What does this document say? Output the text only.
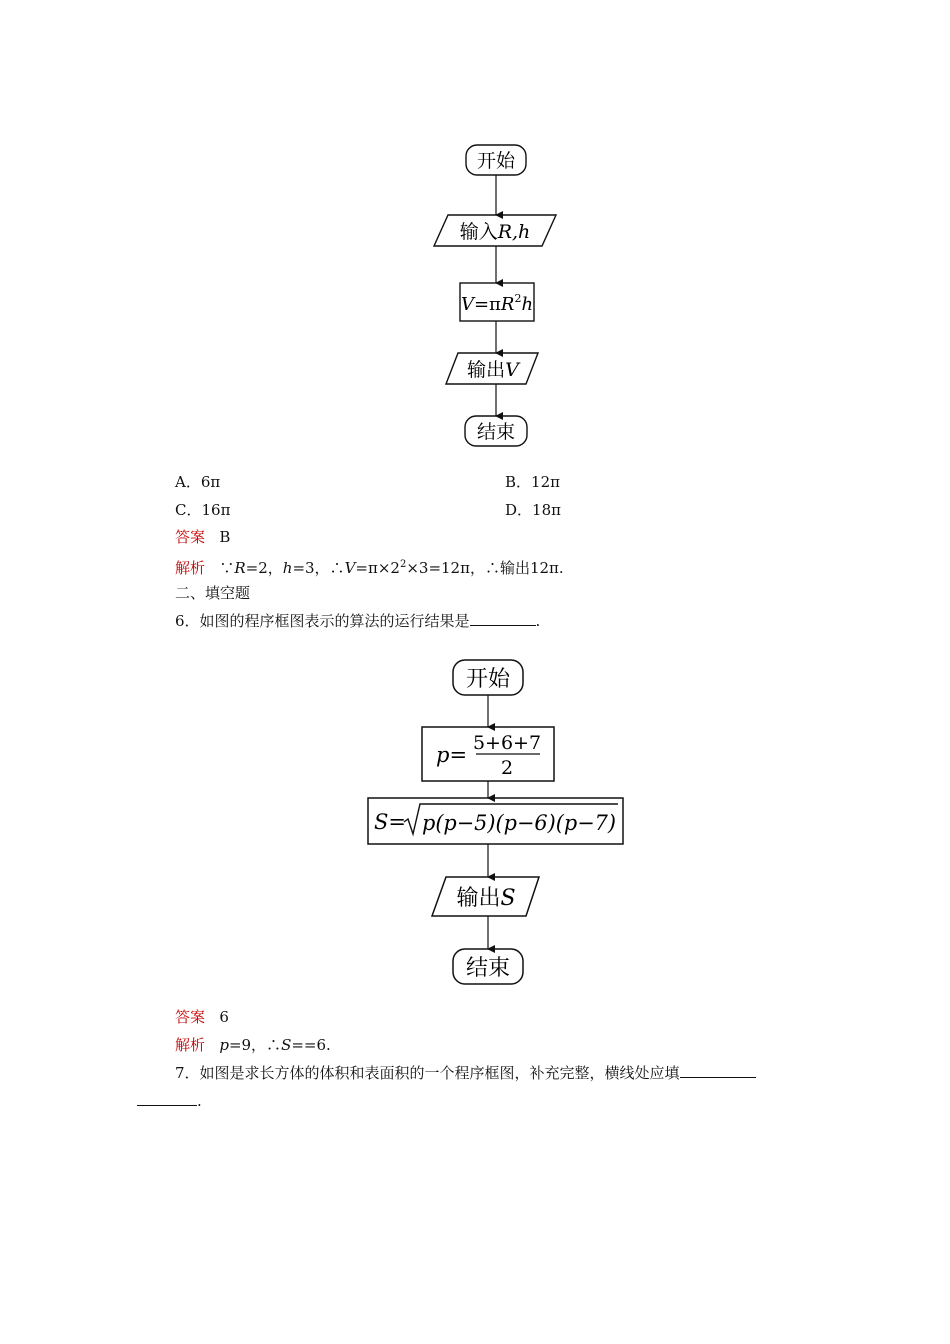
开始
输入R,h
$V=\pi R^2h$
输出V
结束
A．6π	B．12π
C．16π	D．18π
答案 B
解析 ∵R=2，h=3，$\therefore V=\pi\times 2^2\times 3=12\pi$，∴输出12π.
二、填空题
6．如图的程序框图表示的算法的运行结果是	.
开始
p= 5+6+7
2
S= p(p−5)(p−6)(p−7)
输出S
结束
答案 6
解析 p=9，∴S==6.
7．如图是求长方体的体积和表面积的一个程序框图，补充完整，横线处应填
.
